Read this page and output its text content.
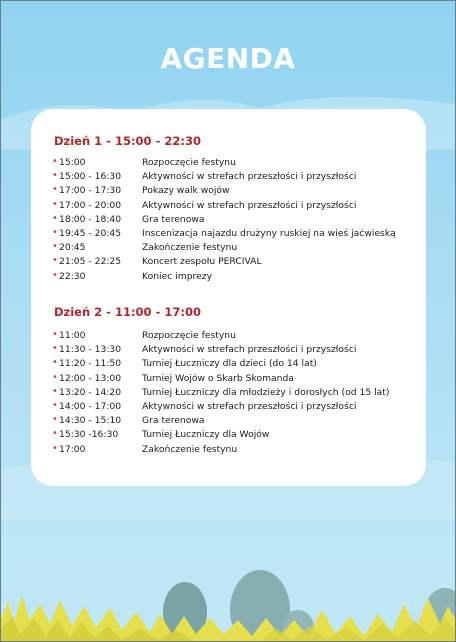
AGENDA
Dzień 1 - 15:00 - 22:30
• 15:00	Rozpoczęcie festynu
• 15:00 - 16:30 Aktywności w strefach przeszłości i przyszłości
• 17:00 - 17:30 Pokazy walk wojów
• 17:00 - 20:00 Aktywności w strefach przeszłości i przyszłości
• 18:00 - 18:40 Gra terenowa
• 19:45 - 20:45 Inscenizacja najazdu drużyny ruskiej na wieś jaćwieską
• 20:45	Zakończenie festynu
• 21:05 - 22:25 Koncert zespołu PERCIVAL
• 22:30	Koniec imprezy
Dzień 2 - 11:00 - 17:00
• 11:00	Rozpoczęcie festynu
• 11:30 - 13:30 Aktywności w strefach przeszłości i przyszłości
• 11:20 - 11:50 Turniej Łuczniczy dla dzieci (do 14 lat)
• 12:00 - 13:00 Turniej Wojów o Skarb Skomanda
• 13:20 - 14:20 Turniej Łuczniczy dla młodzieży i dorosłych (od 15 lat)
• 14:00 - 17:00 Aktywności w strefach przeszłości i przyszłości
• 14:30 - 15:10 Gra terenowa
• 15:30 -16:30	Turniej Łuczniczy dla Wojów
• 17:00	Zakończenie festynu
